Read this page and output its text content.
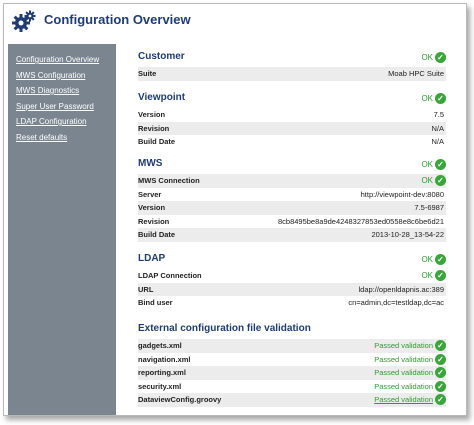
Configuration Overview
Configuration Overview
MWS Configuration
MWS Diagnostics
Super User Password
LDAP Configuration
Reset defaults
Customer	OK ✓
Suite	Moab HPC Suite
Viewpoint	OK ✓
Version	7.5
Revision	N/A
Build Date	N/A
MWS	OK ✓
MWS Connection	OK ✓
Server	http://viewpoint-dev:8080
Version	7.5-6987
Revision	8cb8495be8a9de4248327853ed0558e8c6be6d21
Build Date	2013-10-28_13-54-22
LDAP	OK ✓
LDAP Connection	OK ✓
URL	ldap://openldapnis.ac:389
Bind user	cn=admin,dc=testldap,dc=ac
External configuration file validation
gadgets.xml	Passed validation ✓
navigation.xml	Passed validation ✓
reporting.xml	Passed validation ✓
security.xml	Passed validation ✓
DataviewConfig.groovy	Passed validation ✓
